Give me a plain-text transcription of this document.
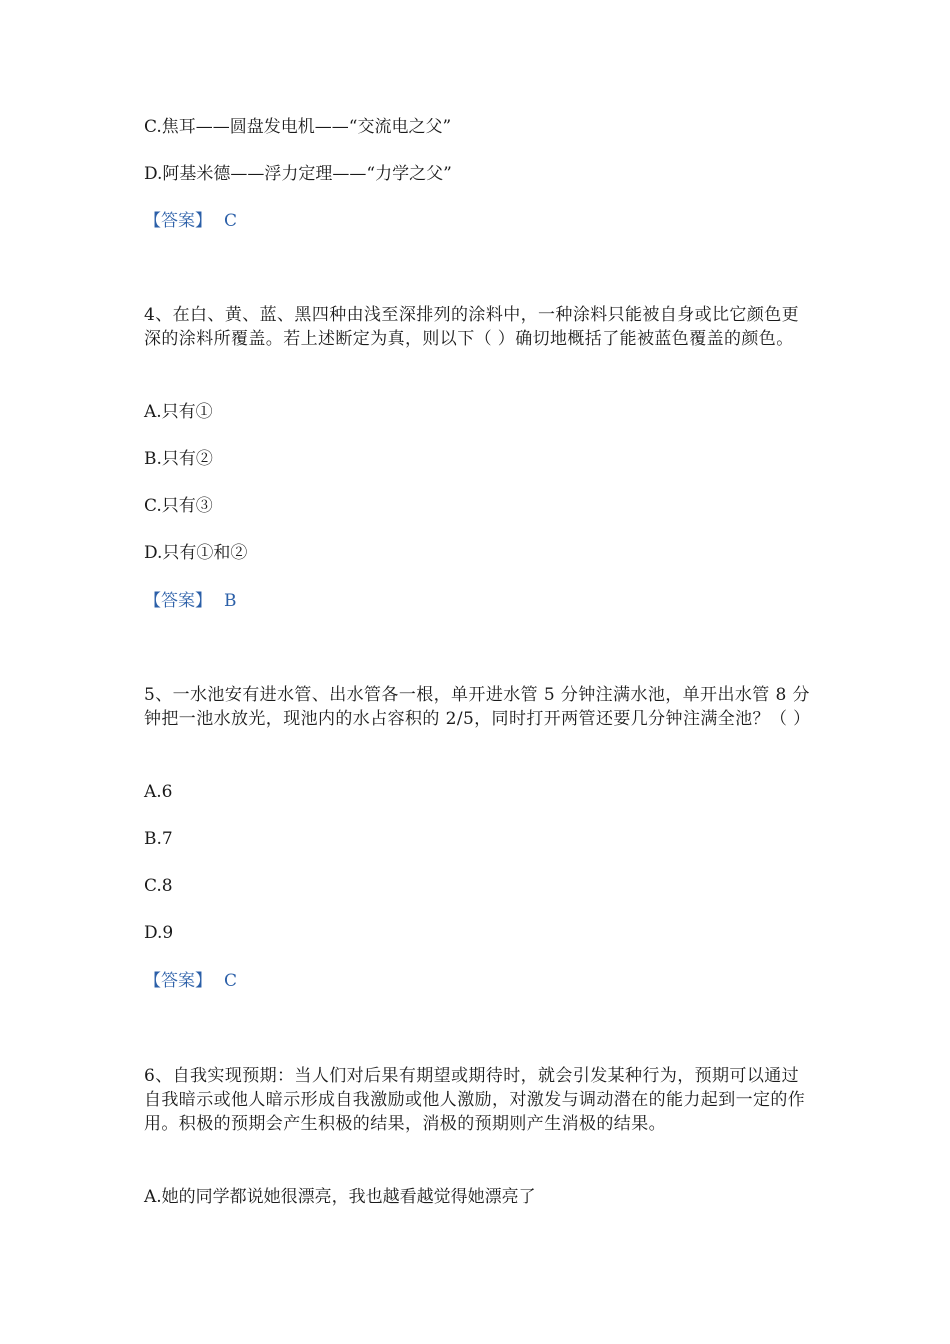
C.焦耳——圆盘发电机——“交流电之父”
D.阿基米德——浮力定理——“力学之父”
【答案】 C
4、在白、黄、蓝、黑四种由浅至深排列的涂料中，一种涂料只能被自身或比它颜色更深的涂料所覆盖。若上述断定为真，则以下（ ）确切地概括了能被蓝色覆盖的颜色。
A.只有①
B.只有②
C.只有③
D.只有①和②
【答案】 B
5、一水池安有进水管、出水管各一根，单开进水管 5 分钟注满水池，单开出水管 8 分钟把一池水放光，现池内的水占容积的 2/5，同时打开两管还要几分钟注满全池？（ ）
A.6
B.7
C.8
D.9
【答案】 C
6、自我实现预期：当人们对后果有期望或期待时，就会引发某种行为，预期可以通过自我暗示或他人暗示形成自我激励或他人激励，对激发与调动潜在的能力起到一定的作用。积极的预期会产生积极的结果，消极的预期则产生消极的结果。
A.她的同学都说她很漂亮，我也越看越觉得她漂亮了
